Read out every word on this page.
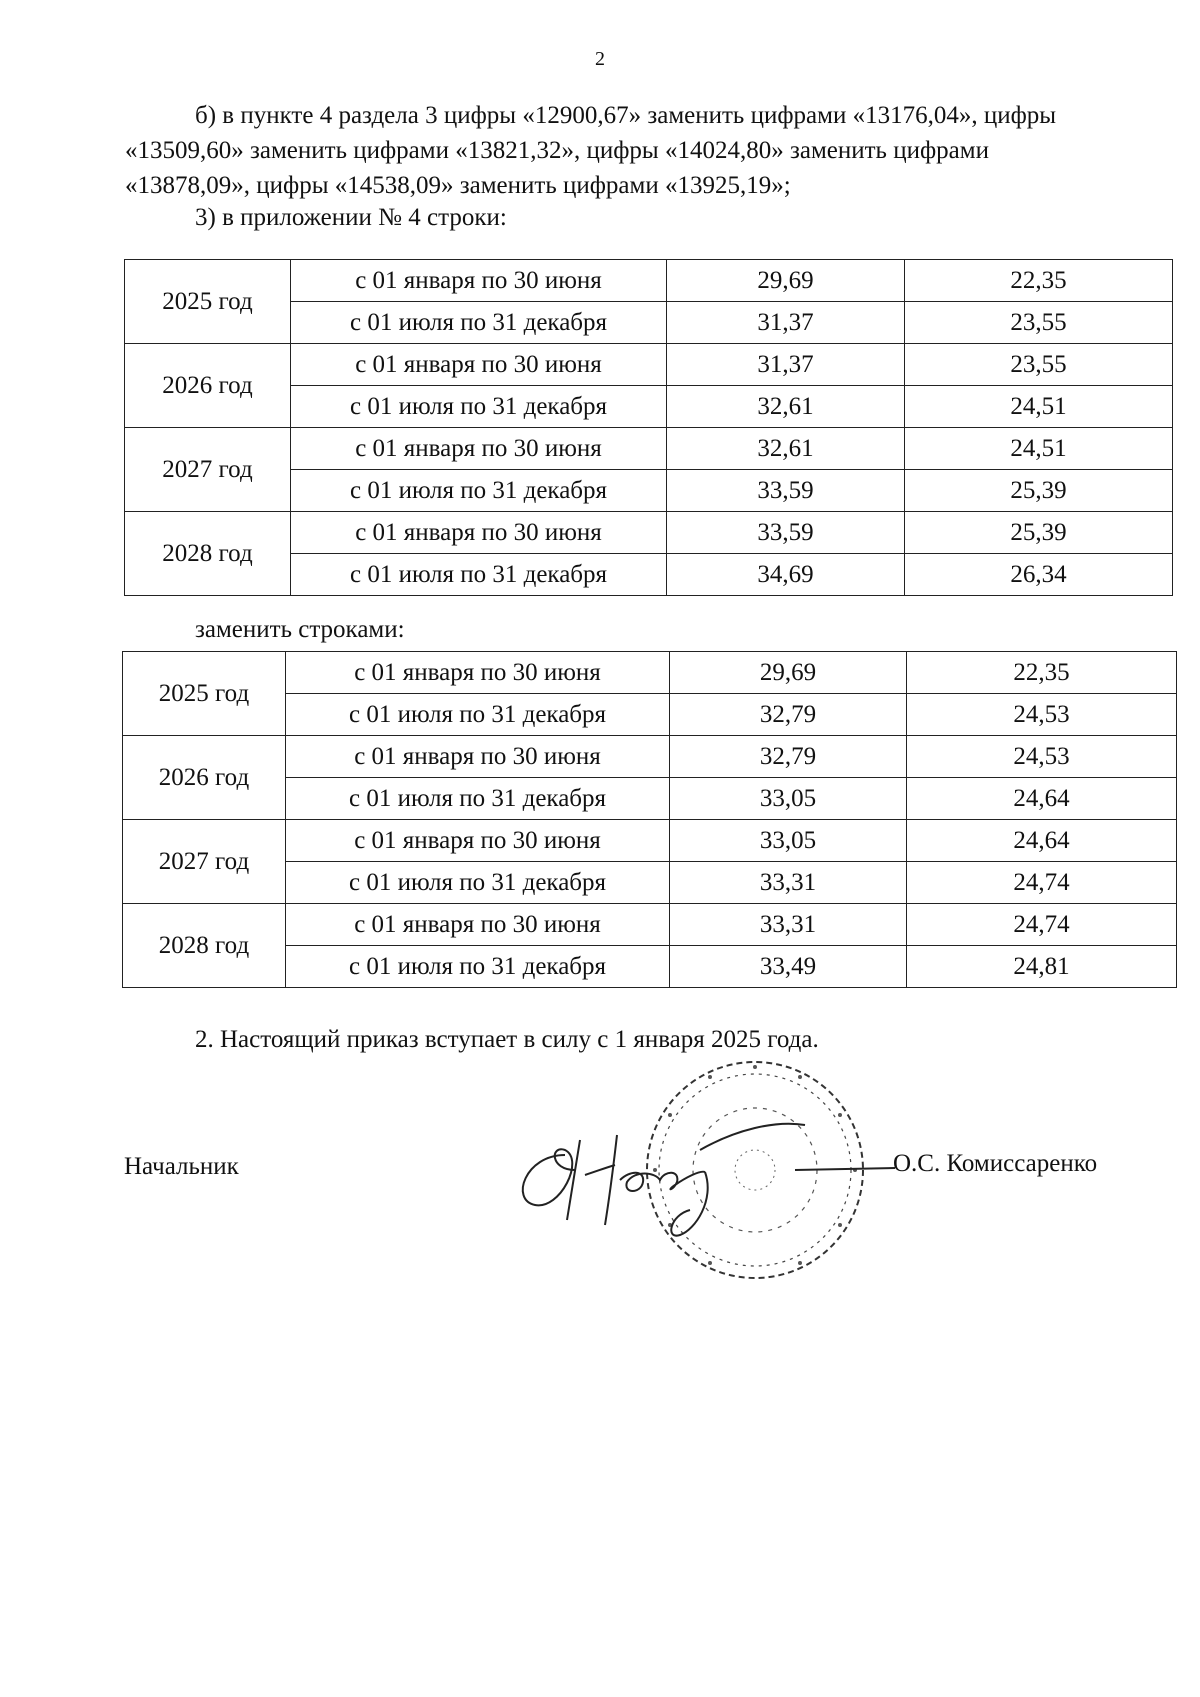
2
б) в пункте 4 раздела 3 цифры «12900,67» заменить цифрами «13176,04», цифры «13509,60» заменить цифрами «13821,32», цифры «14024,80» заменить цифрами «13878,09», цифры «14538,09» заменить цифрами «13925,19»;
3) в приложении № 4 строки:
2025 год	с 01 января по 30 июня	29,69	22,35
	с 01 июля по 31 декабря	31,37	23,55
2026 год	с 01 января по 30 июня	31,37	23,55
	с 01 июля по 31 декабря	32,61	24,51
2027 год	с 01 января по 30 июня	32,61	24,51
	с 01 июля по 31 декабря	33,59	25,39
2028 год	с 01 января по 30 июня	33,59	25,39
	с 01 июля по 31 декабря	34,69	26,34
заменить строками:
2025 год	с 01 января по 30 июня	29,69	22,35
	с 01 июля по 31 декабря	32,79	24,53
2026 год	с 01 января по 30 июня	32,79	24,53
	с 01 июля по 31 декабря	33,05	24,64
2027 год	с 01 января по 30 июня	33,05	24,64
	с 01 июля по 31 декабря	33,31	24,74
2028 год	с 01 января по 30 июня	33,31	24,74
	с 01 июля по 31 декабря	33,49	24,81
2. Настоящий приказ вступает в силу с 1 января 2025 года.
Начальник	О.С. Комиссаренко
